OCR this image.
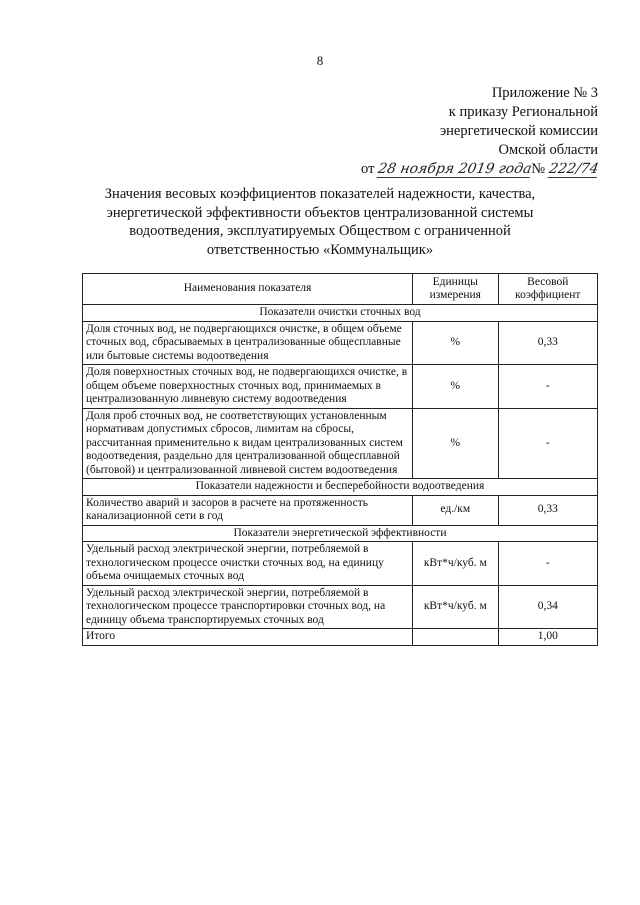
8
Приложение № 3
к приказу Региональной
энергетической комиссии
Омской области
от 28 ноября 2019 года№ 222/74
Значения весовых коэффициентов показателей надежности, качества, энергетической эффективности объектов централизованной системы водоотведения, эксплуатируемых Обществом с ограниченной ответственностью «Коммунальщик»
Наименования показателя	Единицы измерения	Весовой коэффициент
Показатели очистки сточных вод		
Доля сточных вод, не подвергающихся очистке, в общем объеме сточных вод, сбрасываемых в централизованные общесплавные или бытовые системы водоотведения	%	0,33
Доля поверхностных сточных вод, не подвергающихся очистке, в общем объеме поверхностных сточных вод, принимаемых в централизованную ливневую систему водоотведения	%	-
Доля проб сточных вод, не соответствующих установленным нормативам допустимых сбросов, лимитам на сбросы, рассчитанная применительно к видам централизованных систем водоотведения, раздельно для централизованной общесплавной (бытовой) и централизованной ливневой систем водоотведения	%	-
Показатели надежности и бесперебойности водоотведения		
Количество аварий и засоров в расчете на протяженность канализационной сети в год	ед./км	0,33
Показатели энергетической эффективности		
Удельный расход электрической энергии, потребляемой в технологическом процессе очистки сточных вод, на единицу объема очищаемых сточных вод	кВт*ч/куб. м	-
Удельный расход электрической энергии, потребляемой в технологическом процессе транспортировки сточных вод, на единицу объема транспортируемых сточных вод	кВт*ч/куб. м	0,34
Итого		1,00
